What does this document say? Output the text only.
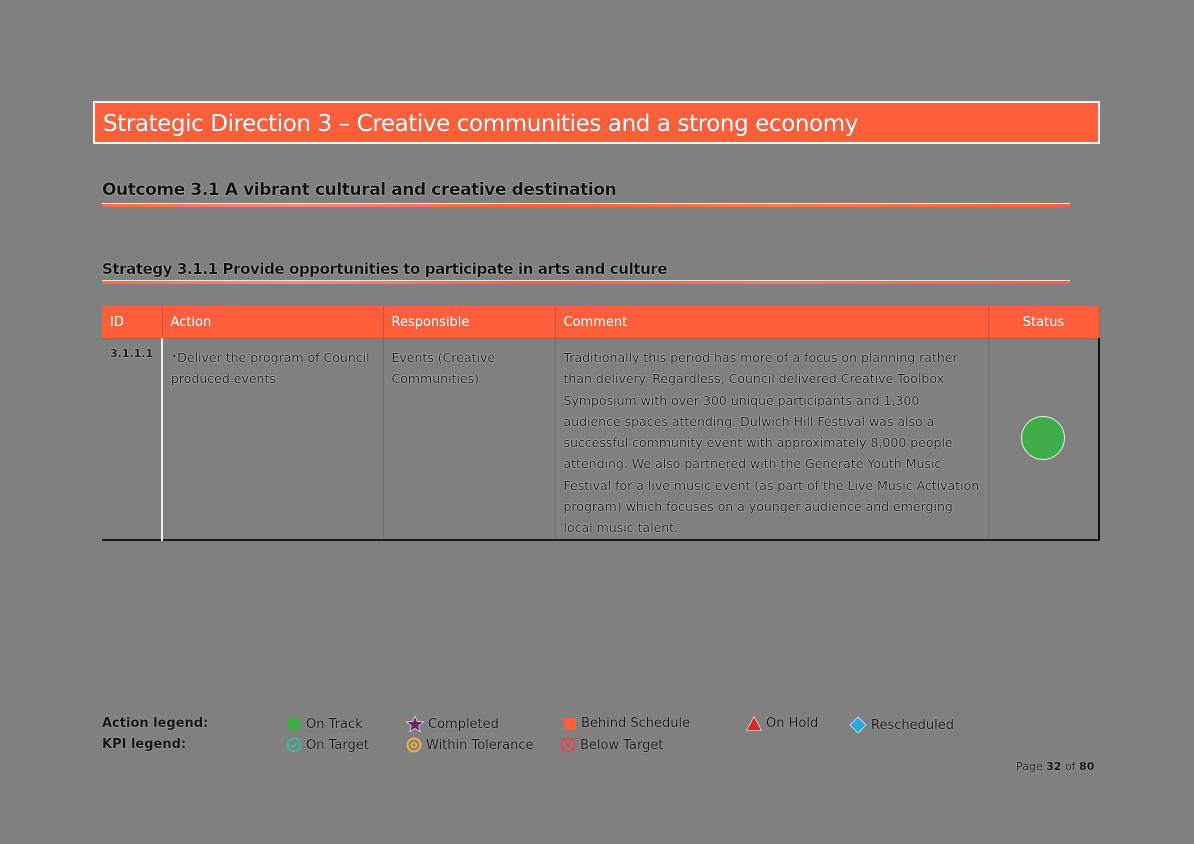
Strategic Direction 3 – Creative communities and a strong economy
Outcome 3.1 A vibrant cultural and creative destination
Strategy 3.1.1 Provide opportunities to participate in arts and culture
ID	Action	Responsible	Comment	Status
3.1.1.1	*Deliver the program of Council produced events	Events (Creative Communities)	Traditionally this period has more of a focus on planning rather than delivery. Regardless, Council delivered Creative Toolbox Symposium with over 300 unique participants and 1,300 audience spaces attending. Dulwich Hill Festival was also a successful community event with approximately 8,000 people attending. We also partnered with the Generate Youth Music Festival for a live music event (as part of the Live Music Activation program) which focuses on a younger audience and emerging local music talent.	
Action legend:	On Track	Completed	Behind Schedule	On Hold	Rescheduled
KPI legend:	On Target	Within Tolerance	Below Target
Page 32 of 80
